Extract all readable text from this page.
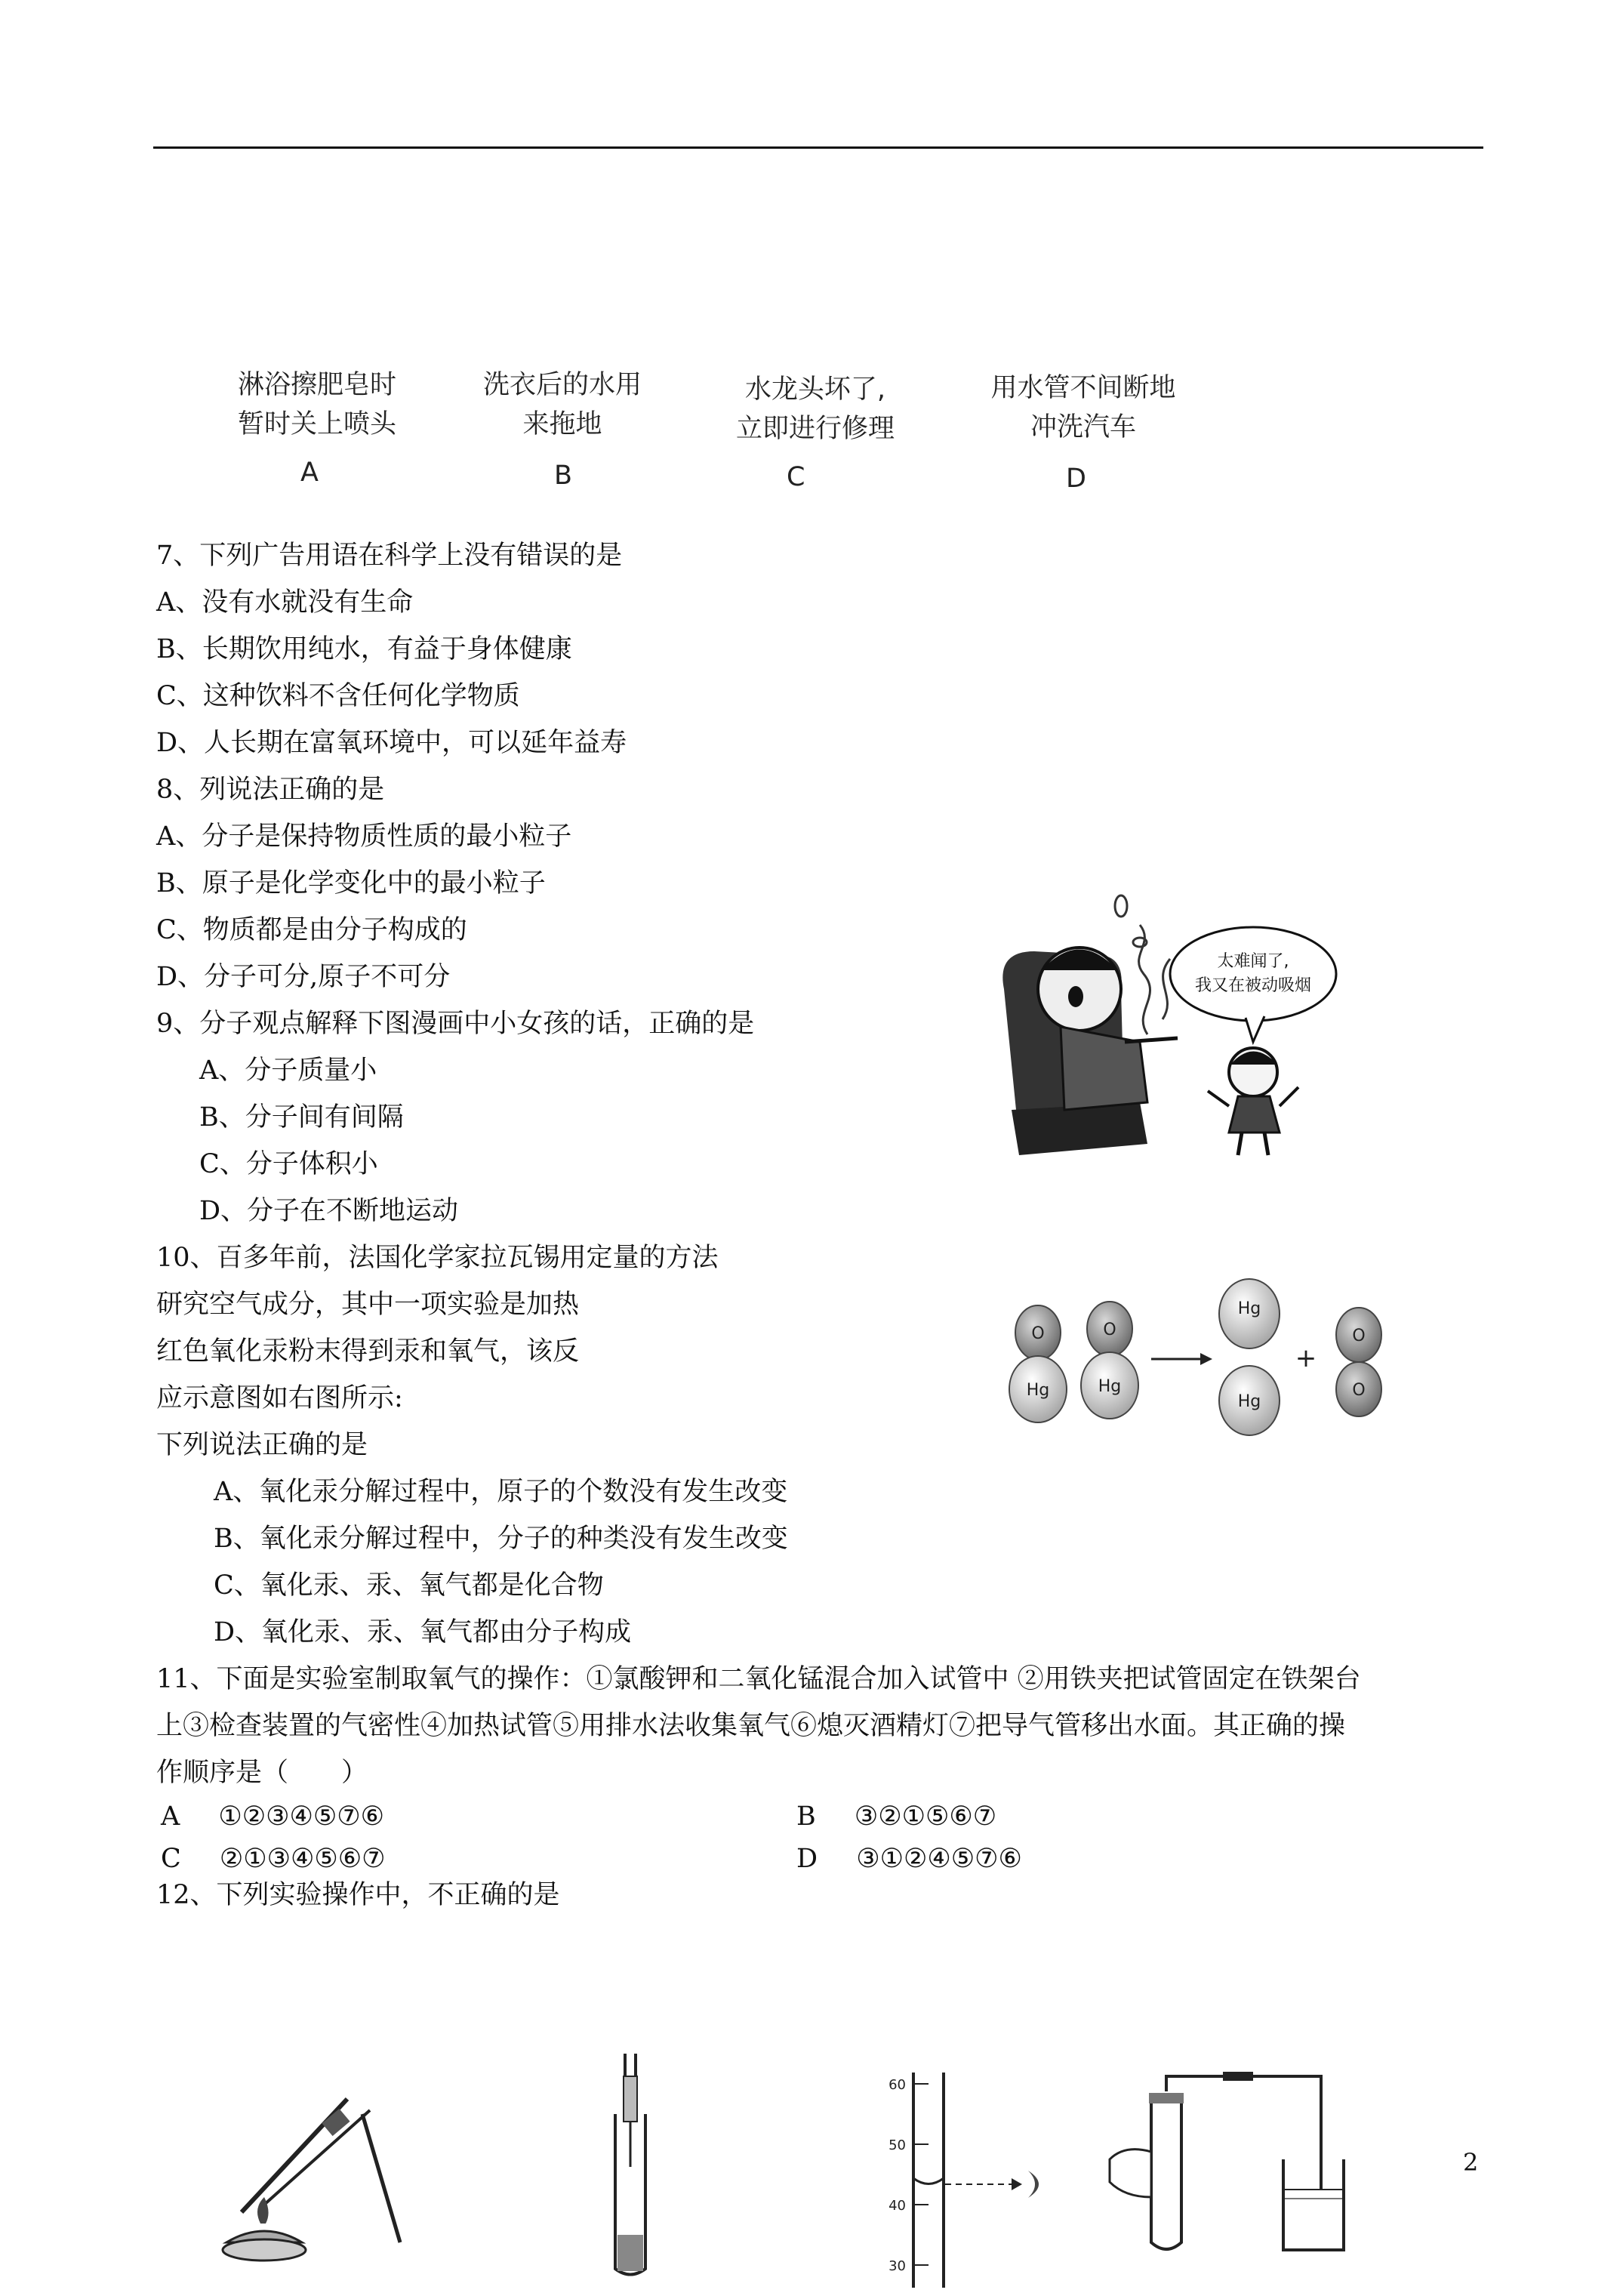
淋浴擦肥皂时
暂时关上喷头
A
洗衣后的水用
来拖地
B
水龙头坏了,
立即进行修理
C
用水管不间断地
冲洗汽车
D
7、下列广告用语在科学上没有错误的是
A、没有水就没有生命
B、长期饮用纯水，有益于身体健康
C、这种饮料不含任何化学物质
D、人长期在富氧环境中，可以延年益寿
8、列说法正确的是
A、分子是保持物质性质的最小粒子
B、原子是化学变化中的最小粒子
C、物质都是由分子构成的
D、分子可分,原子不可分
9、分子观点解释下图漫画中小女孩的话，正确的是
A、分子质量小
B、分子间有间隔
C、分子体积小
D、分子在不断地运动
太难闻了,
我又在被动吸烟
10、百多年前，法国化学家拉瓦锡用定量的方法
研究空气成分，其中一项实验是加热
红色氧化汞粉末得到汞和氧气，该反
应示意图如右图所示:
下列说法正确的是
A、氧化汞分解过程中，原子的个数没有发生改变
B、氧化汞分解过程中，分子的种类没有发生改变
C、氧化汞、汞、氧气都是化合物
D、氧化汞、汞、氧气都由分子构成
O
Hg
O
Hg
Hg
Hg
+
O
O
11、下面是实验室制取氧气的操作：①氯酸钾和二氧化锰混合加入试管中 ②用铁夹把试管固定在铁架台
上③检查装置的气密性④加热试管⑤用排水法收集氧气⑥熄灭酒精灯⑦把导气管移出水面。其正确的操
作顺序是（　　）
A ①②③④⑤⑦⑥	B ③②①⑤⑥⑦
C ②①③④⑤⑥⑦	D ③①②④⑤⑦⑥
12、下列实验操作中，不正确的是
60
50
40
30
2
